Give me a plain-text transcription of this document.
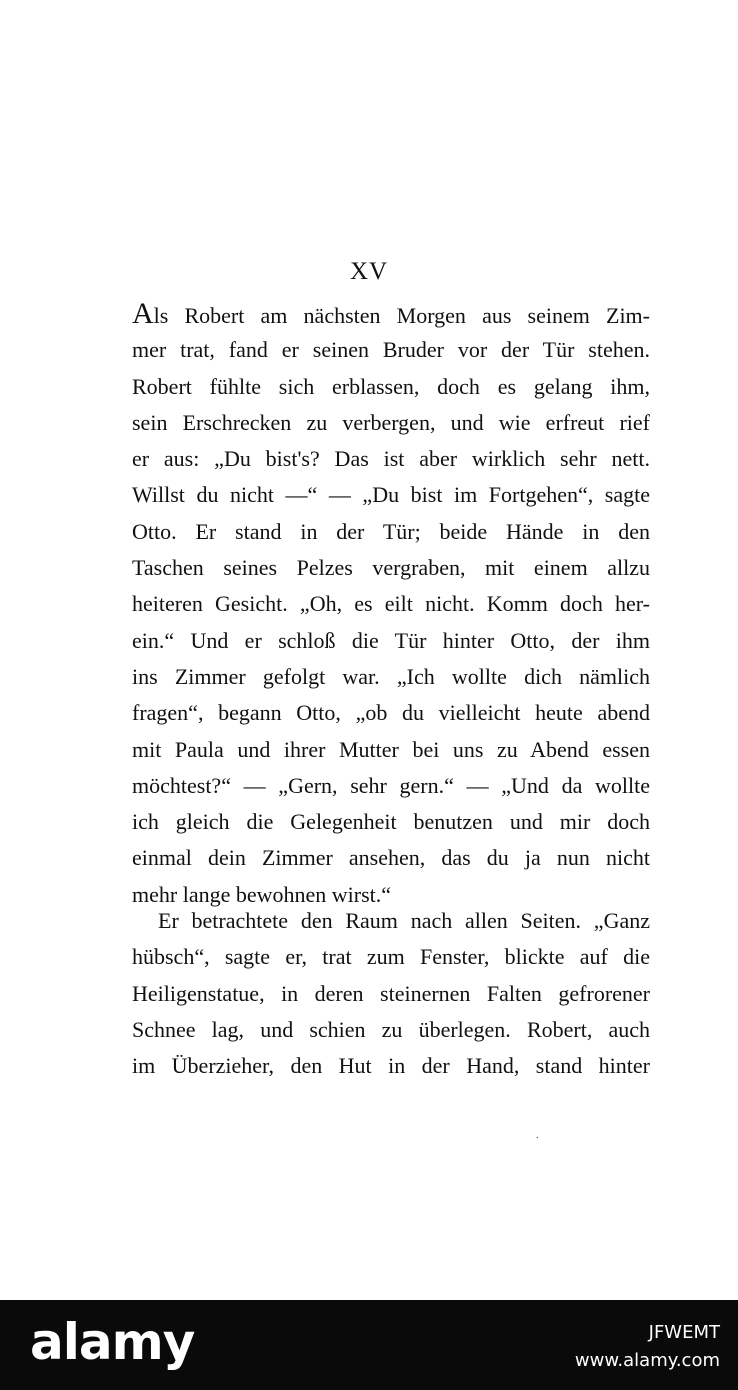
XV
Als Robert am nächsten Morgen aus seinem Zim-
mer trat, fand er seinen Bruder vor der Tür stehen.
Robert fühlte sich erblassen, doch es gelang ihm,
sein Erschrecken zu verbergen, und wie erfreut rief
er aus: „Du bist's? Das ist aber wirklich sehr nett.
Willst du nicht —“ — „Du bist im Fortgehen“, sagte
Otto. Er stand in der Tür; beide Hände in den
Taschen seines Pelzes vergraben, mit einem allzu
heiteren Gesicht. „Oh, es eilt nicht. Komm doch her-
ein.“ Und er schloß die Tür hinter Otto, der ihm
ins Zimmer gefolgt war. „Ich wollte dich nämlich
fragen“, begann Otto, „ob du vielleicht heute abend
mit Paula und ihrer Mutter bei uns zu Abend essen
möchtest?“ — „Gern, sehr gern.“ — „Und da wollte
ich gleich die Gelegenheit benutzen und mir doch
einmal dein Zimmer ansehen, das du ja nun nicht
mehr lange bewohnen wirst.“
Er betrachtete den Raum nach allen Seiten. „Ganz
hübsch“, sagte er, trat zum Fenster, blickte auf die
Heiligenstatue, in deren steinernen Falten gefrorener
Schnee lag, und schien zu überlegen. Robert, auch
im Überzieher, den Hut in der Hand, stand hinter
⸱
alamy	JFWEMT
www.alamy.com
